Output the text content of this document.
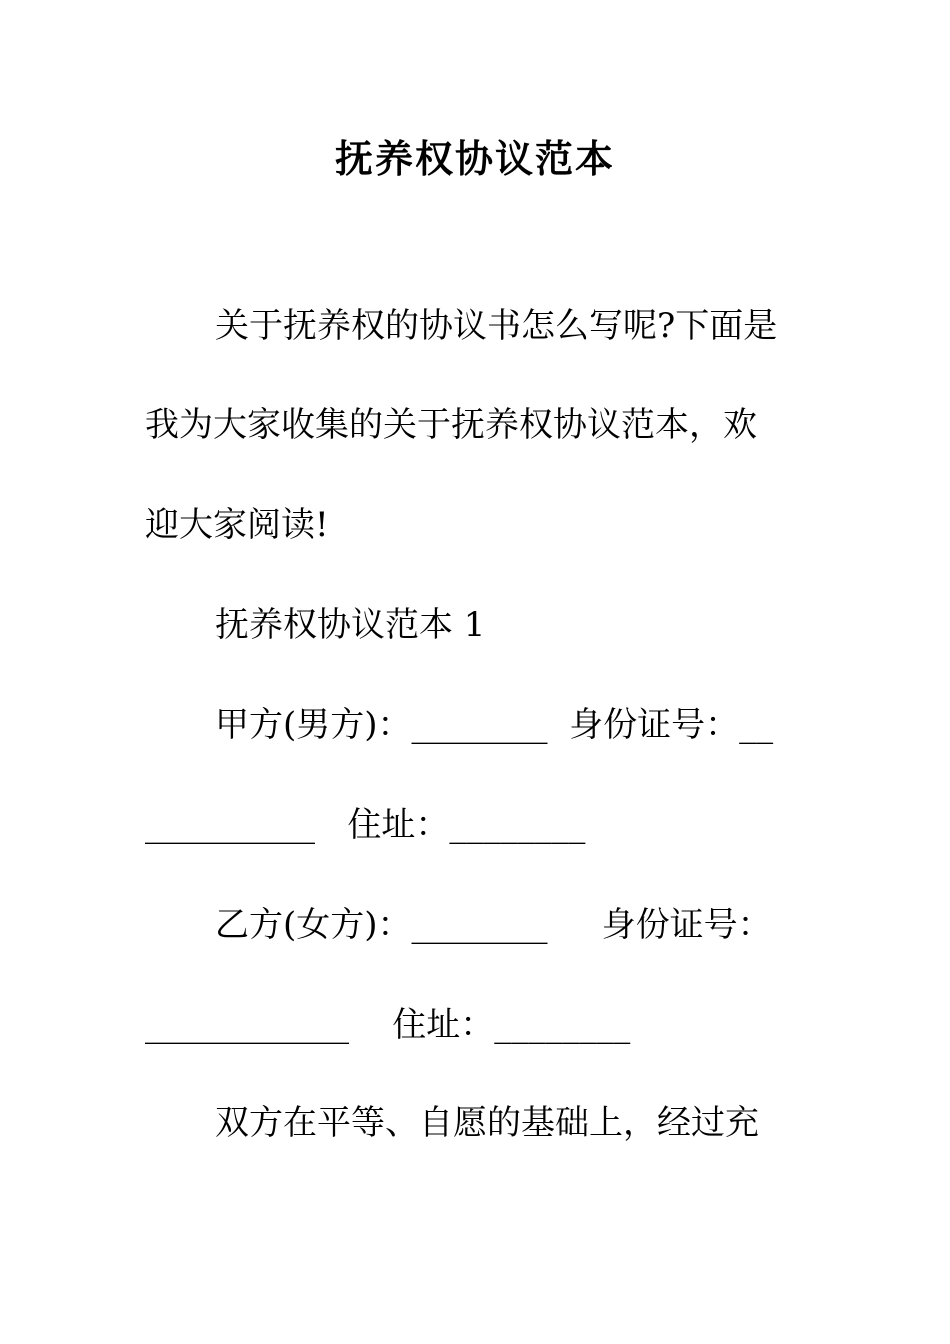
抚养权协议范本
关于抚养权的协议书怎么写呢?下面是
我为大家收集的关于抚养权协议范本，欢
迎大家阅读!
抚养权协议范本 1
甲方(男方)：________  身份证号：__
__________   住址：________
乙方(女方)：________     身份证号：
____________    住址：________
双方在平等、自愿的基础上，经过充
